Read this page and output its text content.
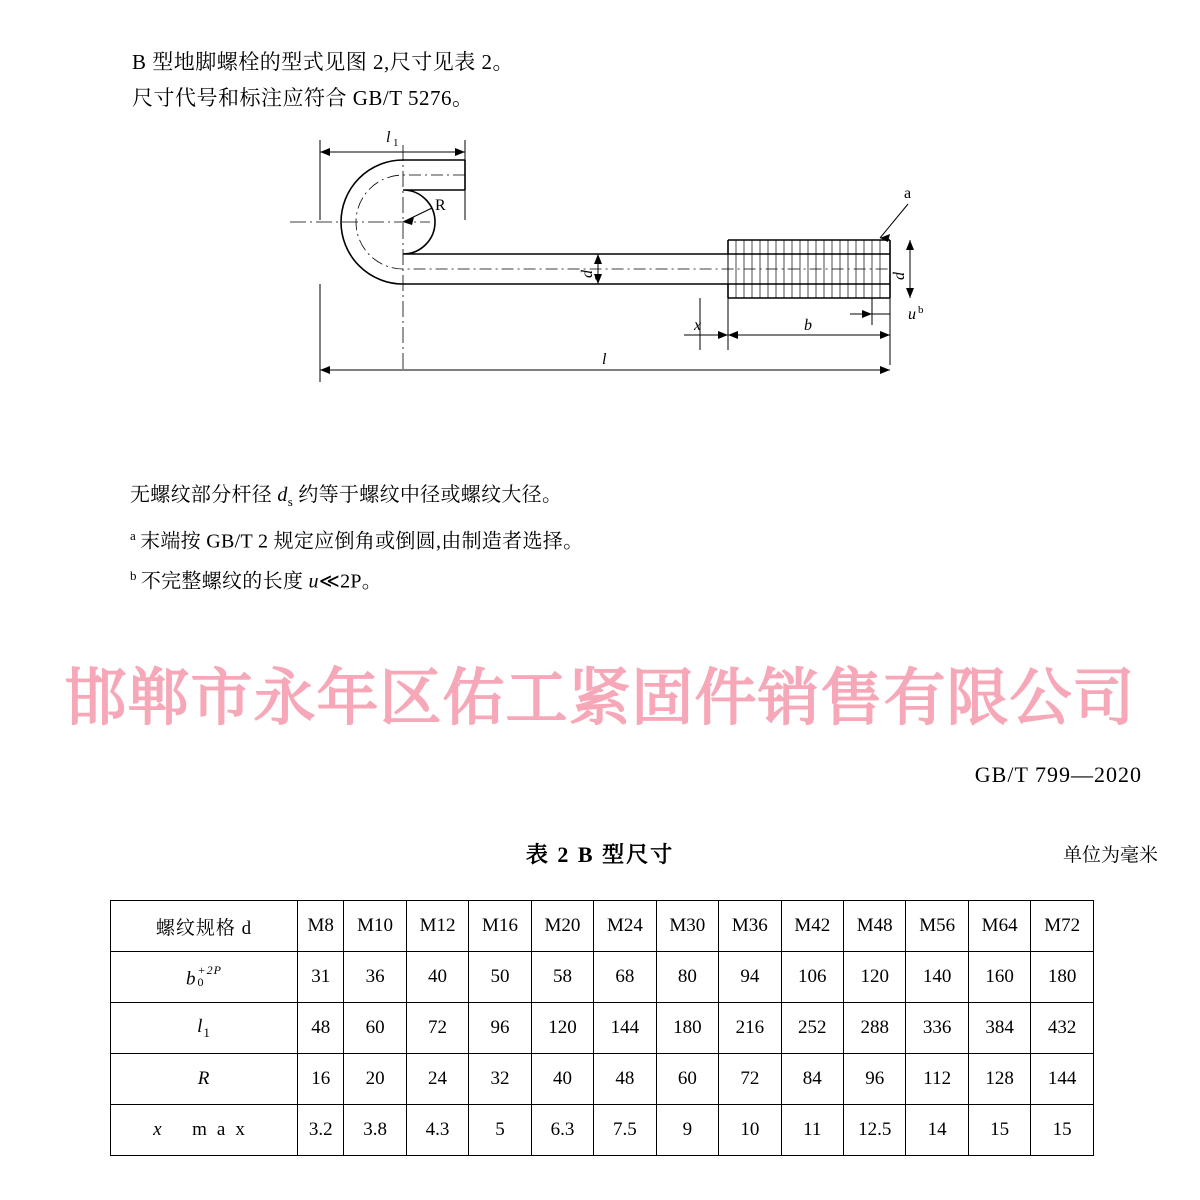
B 型地脚螺栓的型式见图 2,尺寸见表 2。
尺寸代号和标注应符合 GB/T 5276。
l 1
R
d
s	d
a
u b
x	b
l
无螺纹部分杆径 $d_s$ 约等于螺纹中径或螺纹大径。
$^a$ 末端按 GB/T 2 规定应倒角或倒圆,由制造者选择。
$^b$ 不完整螺纹的长度 u≪2P。
邯郸市永年区佑工紧固件销售有限公司
GB/T 799—2020
表 2 B 型尺寸	单位为毫米
螺纹规格 d	M8	M10	M12	M16	M20	M24	M30	M36	M42	M48	M56	M64	M72
b +2P
0	31	36	40	50	58	68	80	94	106	120	140	160	180
$l_1$	48	60	72	96	120	144	180	216	252	288	336	384	432
R	16	20	24	32	40	48	60	72	84	96	112	128	144
x  max	3.2	3.8	4.3	5	6.3	7.5	9	10	11	12.5	14	15	15
